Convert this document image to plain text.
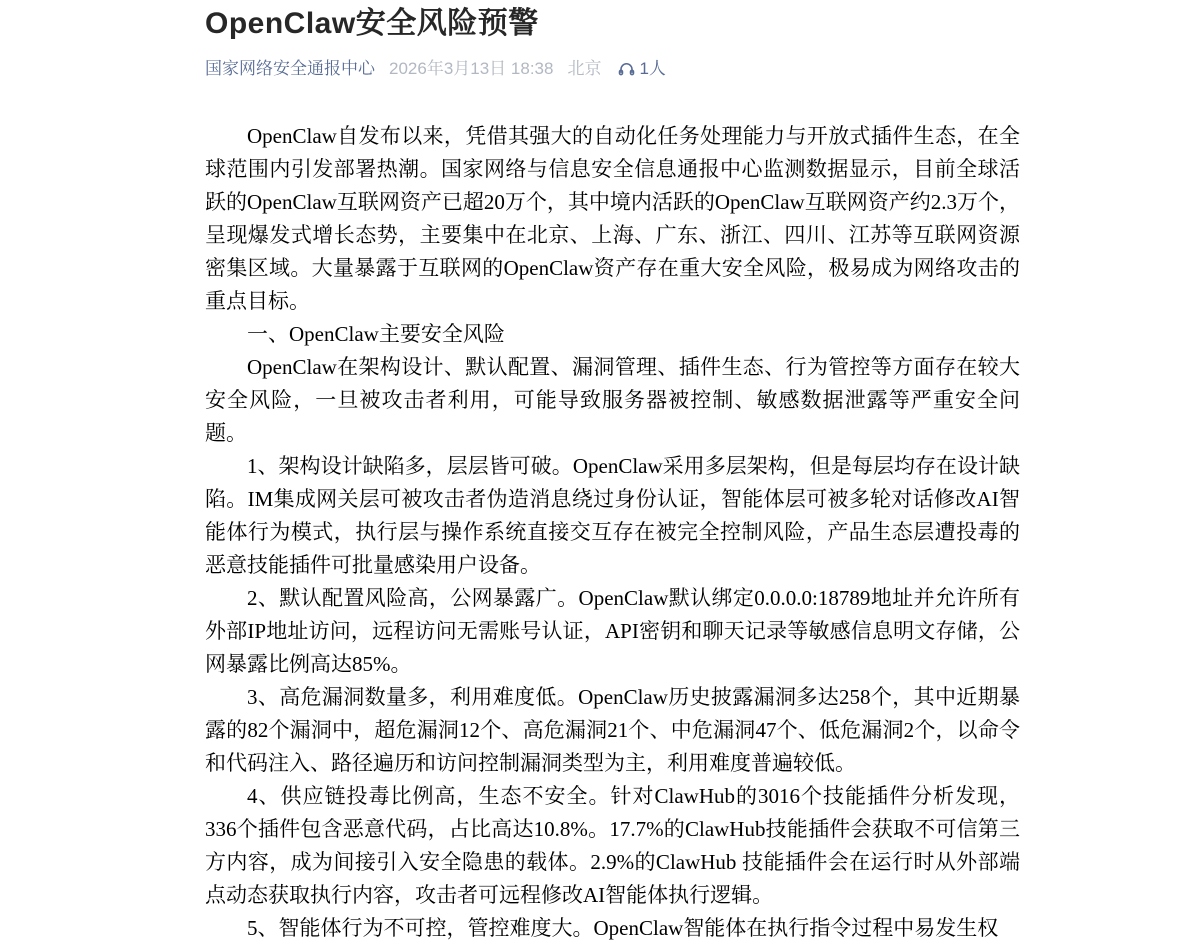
OpenClaw安全风险预警
国家网络安全通报中心 2026年3月13日 18:38 北京 1人

OpenClaw自发布以来，凭借其强大的自动化任务处理能力与开放式插件生态，在全球范围内引发部署热潮。国家网络与信息安全信息通报中心监测数据显示，目前全球活跃的OpenClaw互联网资产已超20万个，其中境内活跃的OpenClaw互联网资产约2.3万个，呈现爆发式增长态势，主要集中在北京、上海、广东、浙江、四川、江苏等互联网资源密集区域。大量暴露于互联网的OpenClaw资产存在重大安全风险，极易成为网络攻击的重点目标。

一、OpenClaw主要安全风险

OpenClaw在架构设计、默认配置、漏洞管理、插件生态、行为管控等方面存在较大安全风险，一旦被攻击者利用，可能导致服务器被控制、敏感数据泄露等严重安全问题。

1、架构设计缺陷多，层层皆可破。OpenClaw采用多层架构，但是每层均存在设计缺陷。IM集成网关层可被攻击者伪造消息绕过身份认证，智能体层可被多轮对话修改AI智能体行为模式，执行层与操作系统直接交互存在被完全控制风险，产品生态层遭投毒的恶意技能插件可批量感染用户设备。

2、默认配置风险高，公网暴露广。OpenClaw默认绑定0.0.0.0:18789地址并允许所有外部IP地址访问，远程访问无需账号认证，API密钥和聊天记录等敏感信息明文存储，公网暴露比例高达85%。

3、高危漏洞数量多，利用难度低。OpenClaw历史披露漏洞多达258个，其中近期暴露的82个漏洞中，超危漏洞12个、高危漏洞21个、中危漏洞47个、低危漏洞2个，以命令和代码注入、路径遍历和访问控制漏洞类型为主，利用难度普遍较低。

4、供应链投毒比例高，生态不安全。针对ClawHub的3016个技能插件分析发现，336个插件包含恶意代码，占比高达10.8%。17.7%的ClawHub技能插件会获取不可信第三方内容，成为间接引入安全隐患的载体。2.9%的ClawHub 技能插件会在运行时从外部端点动态获取执行内容，攻击者可远程修改AI智能体执行逻辑。

5、智能体行为不可控，管控难度大。OpenClaw智能体在执行指令过程中易发生权
